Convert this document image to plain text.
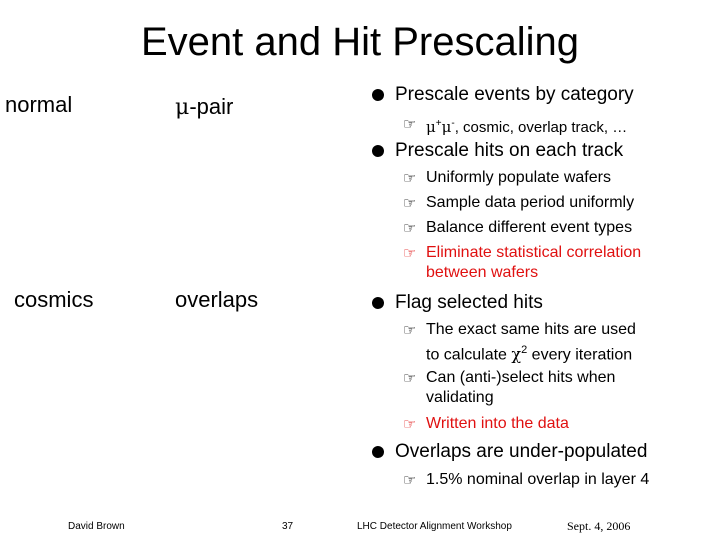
Event and Hit Prescaling
normal	μ-pair
cosmics	overlaps
Prescale events by category
☞ μ+μ-, cosmic, overlap track, …
Prescale hits on each track
☞ Uniformly populate wafers
☞ Sample data period uniformly
☞ Balance different event types
☞ Eliminate statistical correlation
between wafers
Flag selected hits
☞ The exact same hits are used
to calculate $\chi^2$ every iteration
☞ Can (anti-)select hits when
validating
☞ Written into the data
Overlaps are under-populated
☞ 1.5% nominal overlap in layer 4
David Brown	37	LHC Detector Alignment Workshop	Sept. 4, 2006
